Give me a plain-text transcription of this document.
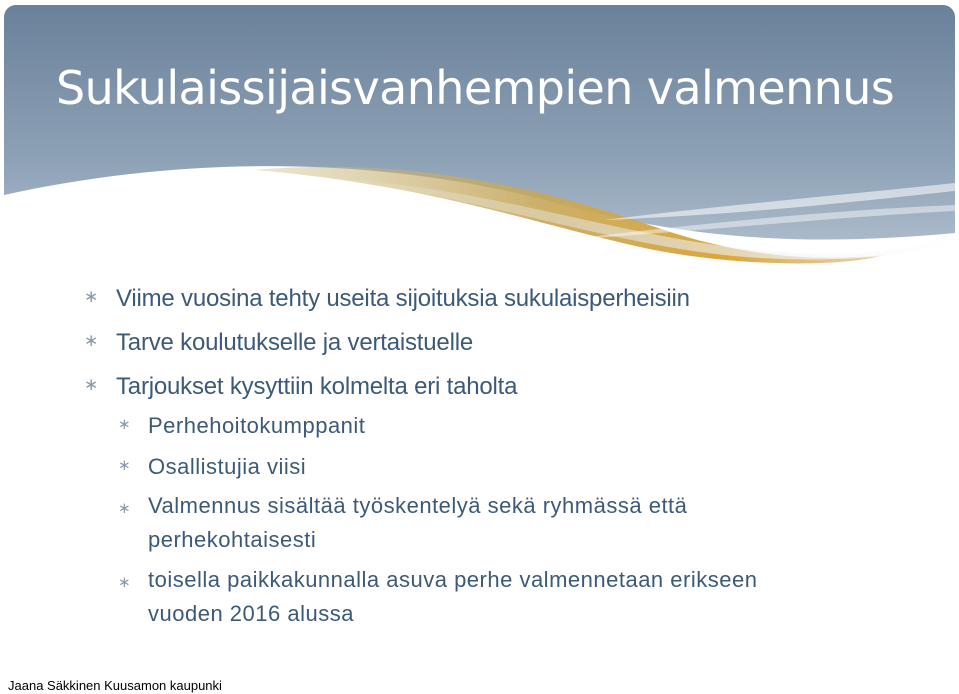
Sukulaissijaisvanhempien valmennus
∗ Viime vuosina tehty useita sijoituksia sukulaisperheisiin
∗ Tarve koulutukselle ja vertaistuelle
∗ Tarjoukset kysyttiin kolmelta eri taholta
∗ Perhehoitokumppanit
∗ Osallistujia viisi
∗ Valmennus sisältää työskentelyä sekä ryhmässä että
perhekohtaisesti
∗ toisella paikkakunnalla asuva perhe valmennetaan erikseen
vuoden 2016 alussa
Jaana Säkkinen Kuusamon kaupunki
